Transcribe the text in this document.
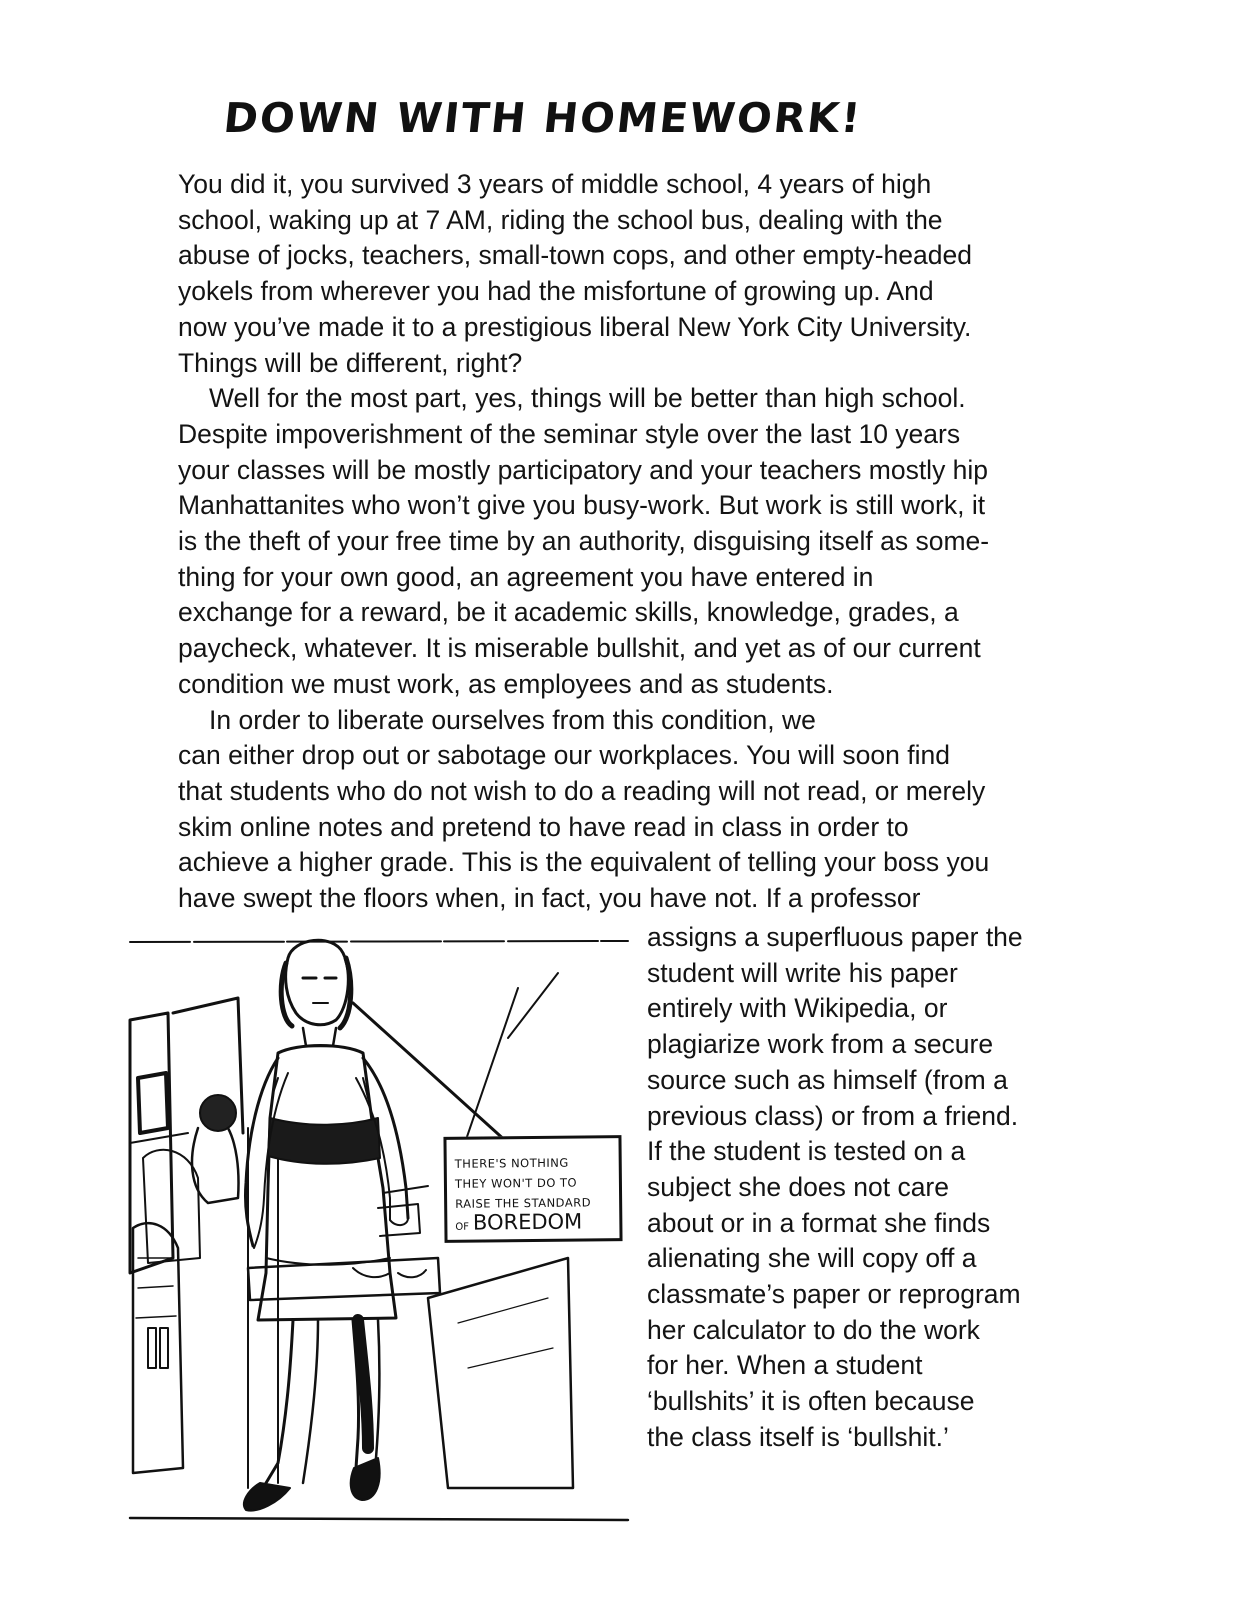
DOWN WITH HOMEWORK!
You did it, you survived 3 years of middle school, 4 years of high
school, waking up at 7 AM, riding the school bus, dealing with the
abuse of jocks, teachers, small-town cops, and other empty-headed
yokels from wherever you had the misfortune of growing up. And
now you’ve made it to a prestigious liberal New York City University.
Things will be different, right?
Well for the most part, yes, things will be better than high school.
Despite impoverishment of the seminar style over the last 10 years
your classes will be mostly participatory and your teachers mostly hip
Manhattanites who won’t give you busy-work. But work is still work, it
is the theft of your free time by an authority, disguising itself as some-
thing for your own good, an agreement you have entered in
exchange for a reward, be it academic skills, knowledge, grades, a
paycheck, whatever. It is miserable bullshit, and yet as of our current
condition we must work, as employees and as students.
In order to liberate ourselves from this condition, we
can either drop out or sabotage our workplaces. You will soon find
that students who do not wish to do a reading will not read, or merely
skim online notes and pretend to have read in class in order to
achieve a higher grade. This is the equivalent of telling your boss you
have swept the floors when, in fact, you have not. If a professor
assigns a superfluous paper the
student will write his paper
entirely with Wikipedia, or
plagiarize work from a secure
source such as himself (from a
previous class) or from a friend.
If the student is tested on a
subject she does not care
about or in a format she finds
alienating she will copy off a
classmate’s paper or reprogram
her calculator to do the work
for her. When a student
‘bullshits’ it is often because
the class itself is ‘bullshit.’
THERE'S NOTHING
THEY WON'T DO TO
RAISE THE STANDARD
OF BOREDOM
